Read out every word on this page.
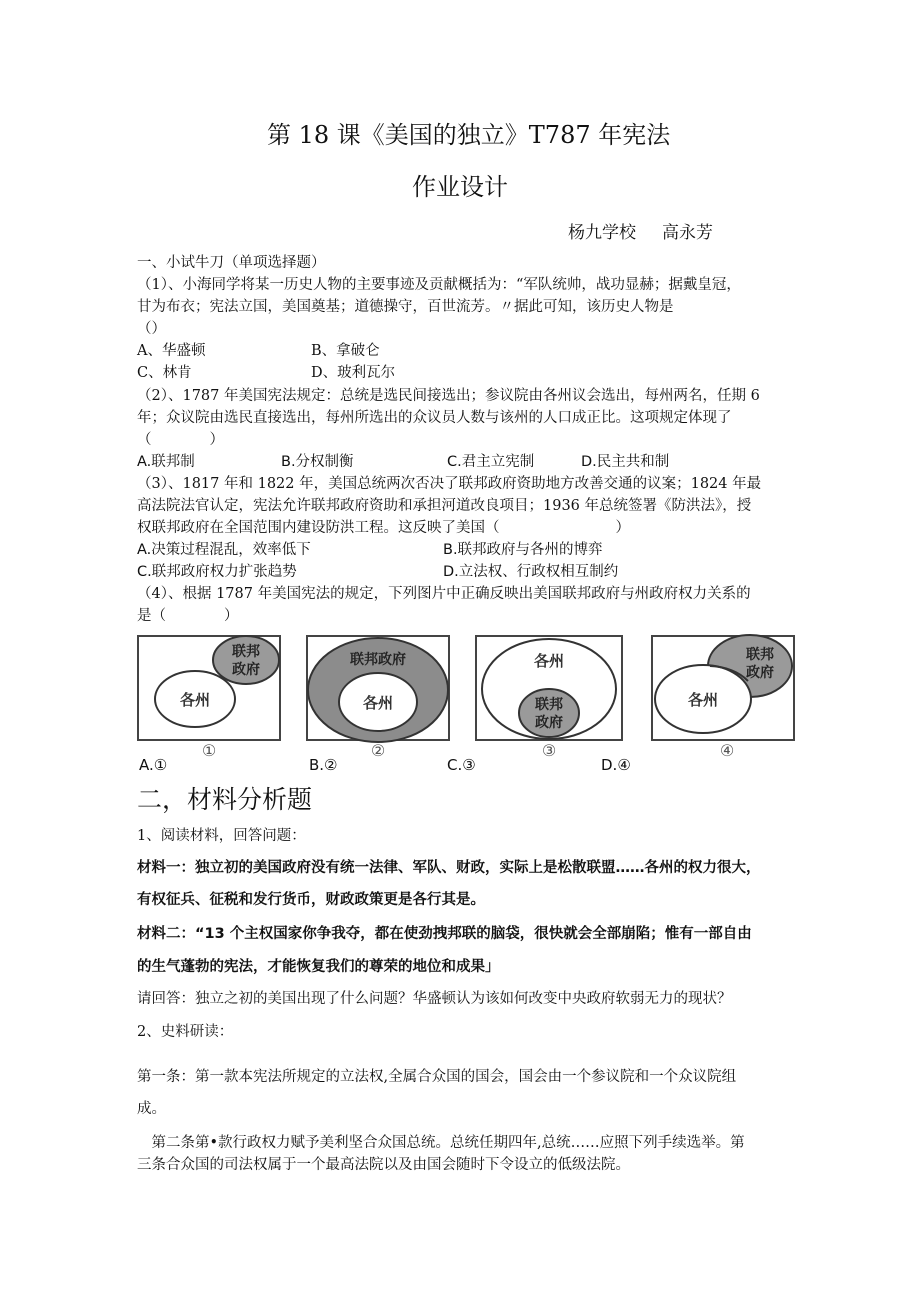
第 18 课《美国的独立》T787 年宪法
作业设计
杨九学校 高永芳
一、小试牛刀（单项选择题）
（1）、小海同学将某一历史人物的主要事迹及贡献概括为：“军队统帅，战功显赫；据戴皇冠，
甘为布衣；宪法立国，美国奠基；道德操守，百世流芳。〃据此可知，该历史人物是
（）
A、华盛顿	B、拿破仑
C、林肯	D、玻利瓦尔
（2）、1787 年美国宪法规定：总统是选民间接选出；参议院由各州议会选出，每州两名，任期 6
年；众议院由选民直接选出，每州所选出的众议员人数与该州的人口成正比。这项规定体现了
（　　　　）
A.联邦制	B.分权制衡	C.君主立宪制	D.民主共和制
（3）、1817 年和 1822 年，美国总统两次否决了联邦政府资助地方改善交通的议案；1824 年最
高法院法官认定，宪法允许联邦政府资助和承担河道改良项目；1936 年总统签署《防洪法》，授
权联邦政府在全国范围内建设防洪工程。这反映了美国（　　　　　　　　）
A.决策过程混乱，效率低下	B.联邦政府与各州的博弈
C.联邦政府权力扩张趋势	D.立法权、行政权相互制约
（4）、根据 1787 年美国宪法的规定，下列图片中正确反映出美国联邦政府与州政府权力关系的
是（　　　　）
各州
联邦
政府
①
联邦政府
各州
②
各州
联邦
政府
③
各州
联邦
政府
④
A.①	B.②	C.③	D.④
二，材料分析题
1、阅读材料，回答问题：
材料一：独立初的美国政府没有统一法律、军队、财政，实际上是松散联盟……各州的权力很大，
有权征兵、征税和发行货币，财政政策更是各行其是。
材料二：“13 个主权国家你争我夺，都在使劲拽邦联的脑袋，很快就会全部崩陷；惟有一部自由
的生气蓬勃的宪法，才能恢复我们的尊荣的地位和成果」
请回答：独立之初的美国出现了什么问题？华盛顿认为该如何改变中央政府软弱无力的现状？
2、史料研读：
第一条：第一款本宪法所规定的立法权,全属合众国的国会，国会由一个参议院和一个众议院组
成。
　第二条第•款行政权力赋予美利坚合众国总统。总统任期四年,总统……应照下列手续选举。第
三条合众国的司法权属于一个最高法院以及由国会随时下令设立的低级法院。
